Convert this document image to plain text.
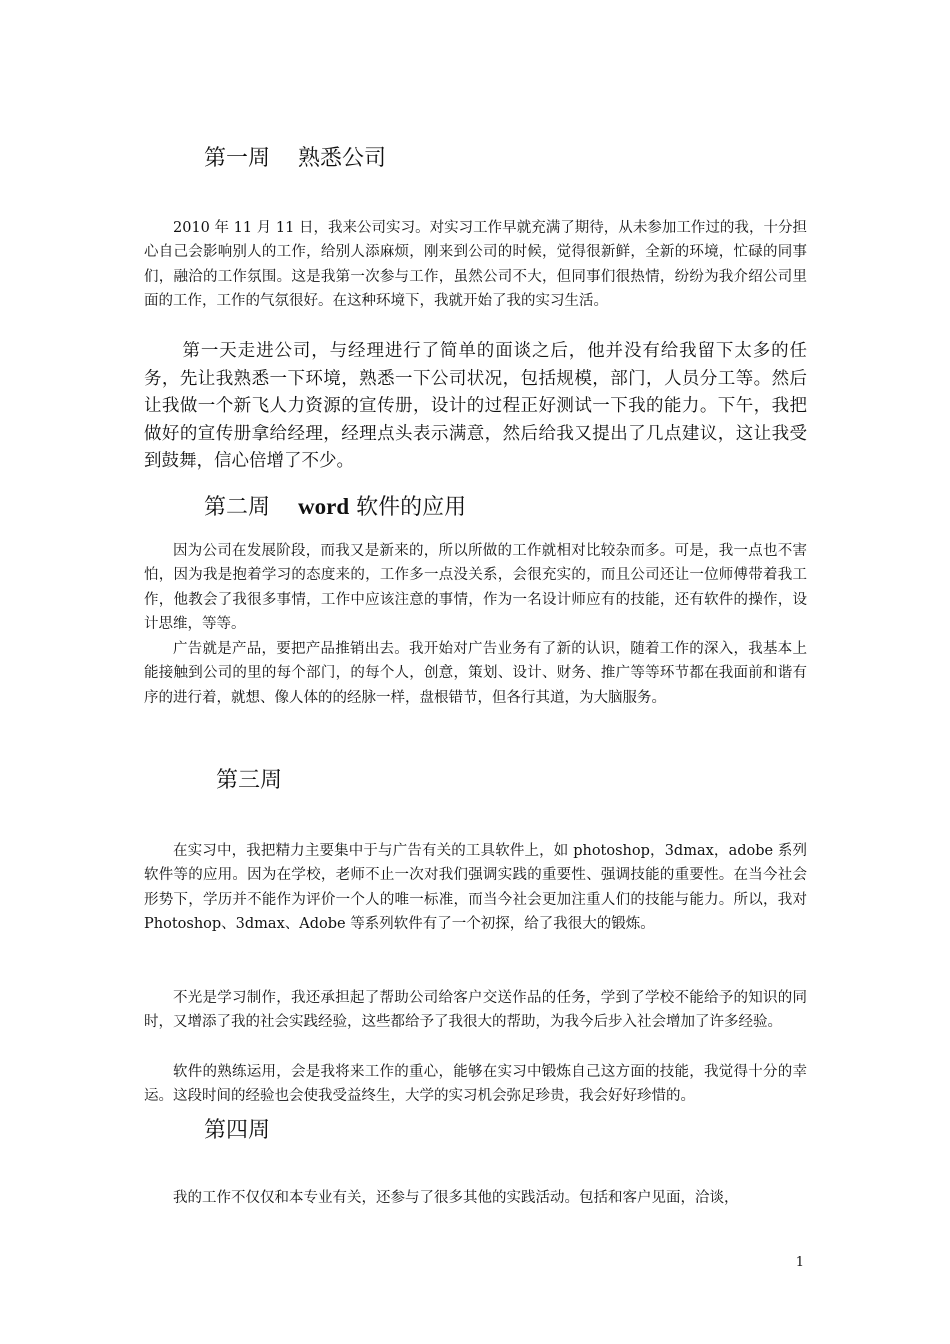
第一周 熟悉公司

2010 年 11 月 11 日，我来公司实习。对实习工作早就充满了期待，从未参加工作过的我，十分担心自己会影响别人的工作，给别人添麻烦，刚来到公司的时候，觉得很新鲜，全新的环境，忙碌的同事们，融洽的工作氛围。这是我第一次参与工作，虽然公司不大，但同事们很热情，纷纷为我介绍公司里面的工作，工作的气氛很好。在这种环境下，我就开始了我的实习生活。

第一天走进公司，与经理进行了简单的面谈之后，他并没有给我留下太多的任务，先让我熟悉一下环境，熟悉一下公司状况，包括规模，部门，人员分工等。然后让我做一个新飞人力资源的宣传册，设计的过程正好测试一下我的能力。下午，我把做好的宣传册拿给经理，经理点头表示满意，然后给我又提出了几点建议，这让我受到鼓舞，信心倍增了不少。

第二周 word 软件的应用

因为公司在发展阶段，而我又是新来的，所以所做的工作就相对比较杂而多。可是，我一点也不害怕，因为我是抱着学习的态度来的，工作多一点没关系，会很充实的，而且公司还让一位师傅带着我工作，他教会了我很多事情，工作中应该注意的事情，作为一名设计师应有的技能，还有软件的操作，设计思维，等等。

广告就是产品，要把产品推销出去。我开始对广告业务有了新的认识，随着工作的深入，我基本上能接触到公司的里的每个部门，的每个人，创意，策划、设计、财务、推广等等环节都在我面前和谐有序的进行着，就想、像人体的的经脉一样，盘根错节，但各行其道，为大脑服务。

第三周

在实习中，我把精力主要集中于与广告有关的工具软件上，如 photoshop，3dmax，adobe 系列软件等的应用。因为在学校，老师不止一次对我们强调实践的重要性、强调技能的重要性。在当今社会形势下，学历并不能作为评价一个人的唯一标准，而当今社会更加注重人们的技能与能力。所以，我对 Photoshop、3dmax、Adobe 等系列软件有了一个初探，给了我很大的锻炼。

不光是学习制作，我还承担起了帮助公司给客户交送作品的任务，学到了学校不能给予的知识的同时，又增添了我的社会实践经验，这些都给予了我很大的帮助，为我今后步入社会增加了许多经验。

软件的熟练运用，会是我将来工作的重心，能够在实习中锻炼自己这方面的技能，我觉得十分的幸运。这段时间的经验也会使我受益终生，大学的实习机会弥足珍贵，我会好好珍惜的。

第四周

我的工作不仅仅和本专业有关，还参与了很多其他的实践活动。包括和客户见面，洽谈，

1
